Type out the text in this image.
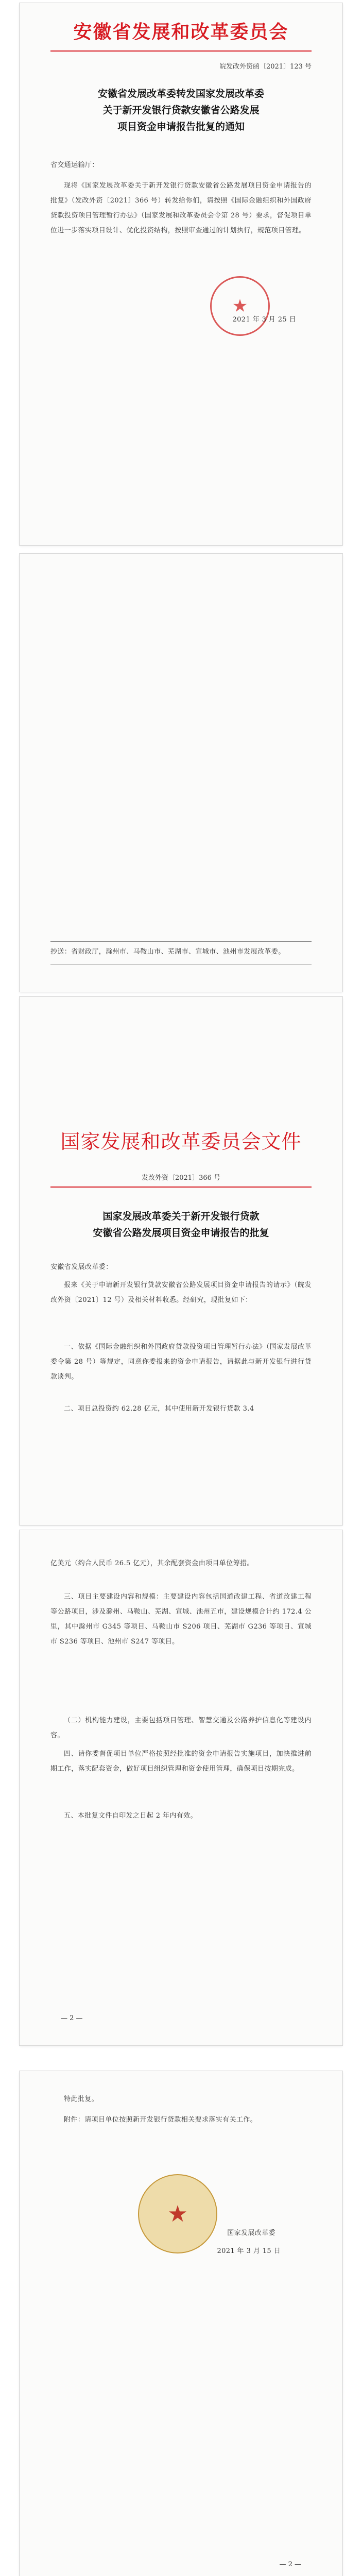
安徽省发展和改革委员会
皖发改外资函〔2021〕123 号

安徽省发展改革委转发国家发展改革委

关于新开发银行贷款安徽省公路发展

项目资金申请报告批复的通知

省交通运输厅：

现将《国家发展改革委关于新开发银行贷款安徽省公路发展项目资金申请报告的批复》（发改外资〔2021〕366 号）转发给你们，请按照《国际金融组织和外国政府贷款投资项目管理暂行办法》（国家发展和改革委员会令第 28 号）要求，督促项目单位进一步落实项目设计、优化投资结构，按照审查通过的计划执行，规范项目管理。

★

2021 年 3 月 25 日

抄送：省财政厅，滁州市、马鞍山市、芜湖市、宣城市、池州市发展改革委。

国家发展和改革委员会文件
发改外资〔2021〕366 号

国家发展改革委关于新开发银行贷款

安徽省公路发展项目资金申请报告的批复

安徽省发展改革委：

报来《关于申请新开发银行贷款安徽省公路发展项目资金申请报告的请示》（皖发改外资〔2021〕12 号）及相关材料收悉。经研究，现批复如下：

一、依据《国际金融组织和外国政府贷款投资项目管理暂行办法》（国家发展改革委令第 28 号）等规定，同意你委报来的资金申请报告，请据此与新开发银行进行贷款谈判。

二、项目总投资约 62.28 亿元，其中使用新开发银行贷款 3.4

亿美元（约合人民币 26.5 亿元），其余配套资金由项目单位筹措。

三、项目主要建设内容和规模：主要建设内容包括国道改建工程、省道改建工程等公路项目，涉及滁州、马鞍山、芜湖、宣城、池州五市，建设规模合计约 172.4 公里，其中滁州市 G345 等项目、马鞍山市 S206 项目、芜湖市 G236 等项目、宣城市 S236 等项目、池州市 S247 等项目。

（二）机构能力建设，主要包括项目管理、智慧交通及公路养护信息化等建设内容。

四、请你委督促项目单位严格按照经批准的资金申请报告实施项目，加快推进前期工作，落实配套资金，做好项目组织管理和资金使用管理，确保项目按期完成。

五、本批复文件自印发之日起 2 年内有效。

— 2 —

特此批复。

附件：请项目单位按照新开发银行贷款相关要求落实有关工作。

★

国家发展改革委

2021 年 3 月 15 日

— 2 —
